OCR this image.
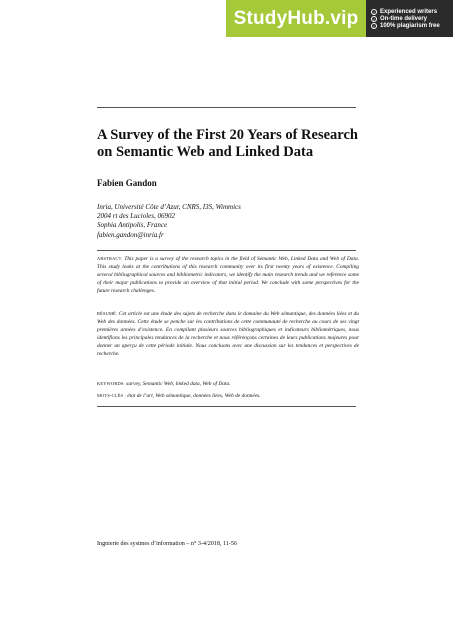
StudyHub.vip	✓ Experienced writers
✓ On-time delivery
✓ 100% plagiarism free
A Survey of the First 20 Years of Research
on Semantic Web and Linked Data
Fabien Gandon
Inria, Université Côte d’Azur, CNRS, I3S, Wimmics
2004 rt des Lucioles, 06902
Sophia Antipolis, France
fabien.gandon@inria.fr

ABSTRACT. This paper is a survey of the research topics in the field of Semantic Web, Linked Data and Web of Data. This study looks at the contributions of this research community over its first twenty years of existence. Compiling several bibliographical sources and bibliometric indicators, we identify the main research trends and we reference some of their major publications to provide an overview of that initial period. We conclude with some perspectives for the future research challenges.

RÉSUMÉ. Cet article est une étude des sujets de recherche dans le domaine du Web sémantique, des données liées et du Web des données. Cette étude se penche sur les contributions de cette communauté de recherche au cours de ses vingt premières années d’existence. En compilant plusieurs sources bibliographiques et indicateurs bibliométriques, nous identifions les principales tendances de la recherche et nous référençons certaines de leurs publications majeures pour donner un aperçu de cette période initiale. Nous concluons avec une discussion sur les tendances et perspectives de recherche.

KEYWORDS: survey, Semantic Web, linked data, Web of Data.

MOTS-CLÉS : état de l’art, Web sémantique, données liées, Web de données.

Ingnierie des systmes d’information – n° 3-4/2018, 11-56
